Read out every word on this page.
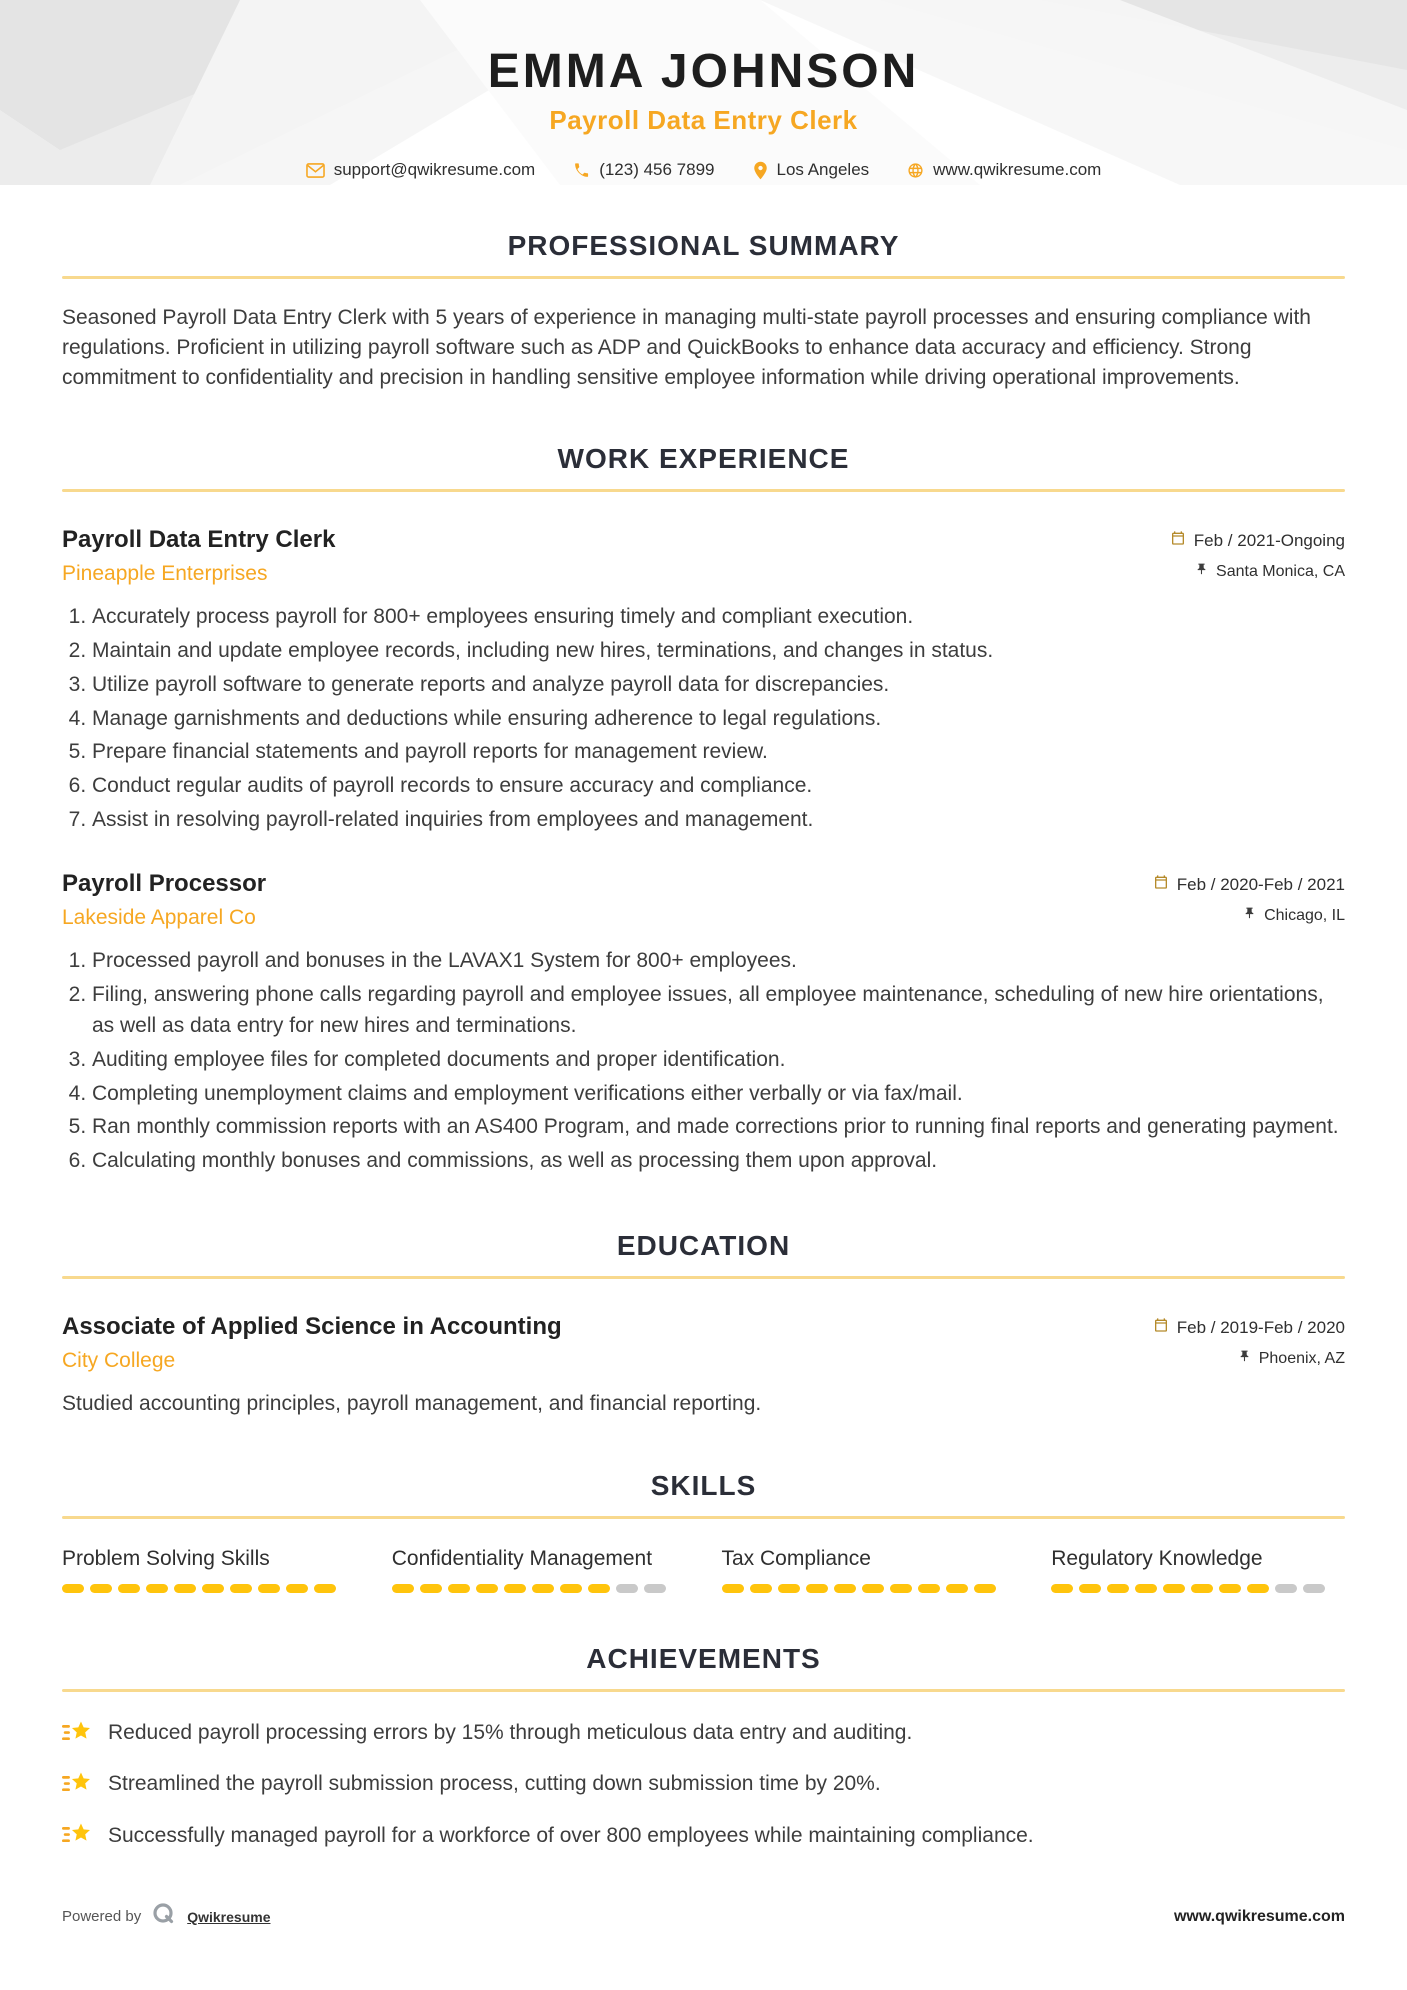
EMMA JOHNSON
Payroll Data Entry Clerk
support@qwikresume.com	(123) 456 7899	Los Angeles	www.qwikresume.com
PROFESSIONAL SUMMARY

Seasoned Payroll Data Entry Clerk with 5 years of experience in managing multi-state payroll processes and ensuring compliance with regulations. Proficient in utilizing payroll software such as ADP and QuickBooks to enhance data accuracy and efficiency. Strong commitment to confidentiality and precision in handling sensitive employee information while driving operational improvements.

WORK EXPERIENCE
Payroll Data Entry Clerk
Pineapple Enterprises
Feb / 2021-Ongoing
Santa Monica, CA
1. Accurately process payroll for 800+ employees ensuring timely and compliant execution.
2. Maintain and update employee records, including new hires, terminations, and changes in status.
3. Utilize payroll software to generate reports and analyze payroll data for discrepancies.
4. Manage garnishments and deductions while ensuring adherence to legal regulations.
5. Prepare financial statements and payroll reports for management review.
6. Conduct regular audits of payroll records to ensure accuracy and compliance.
7. Assist in resolving payroll-related inquiries from employees and management.
Payroll Processor
Lakeside Apparel Co
Feb / 2020-Feb / 2021
Chicago, IL
1. Processed payroll and bonuses in the LAVAX1 System for 800+ employees.
2. Filing, answering phone calls regarding payroll and employee issues, all employee maintenance, scheduling of new hire orientations, as well as data entry for new hires and terminations.
3. Auditing employee files for completed documents and proper identification.
4. Completing unemployment claims and employment verifications either verbally or via fax/mail.
5. Ran monthly commission reports with an AS400 Program, and made corrections prior to running final reports and generating payment.
6. Calculating monthly bonuses and commissions, as well as processing them upon approval.
EDUCATION
Associate of Applied Science in Accounting
City College
Feb / 2019-Feb / 2020
Phoenix, AZ

Studied accounting principles, payroll management, and financial reporting.

SKILLS
Problem Solving Skills	Confidentiality Management	Tax Compliance	Regulatory Knowledge
ACHIEVEMENTS
Reduced payroll processing errors by 15% through meticulous data entry and auditing.
Streamlined the payroll submission process, cutting down submission time by 20%.
Successfully managed payroll for a workforce of over 800 employees while maintaining compliance.
Powered by	Qwikresume	www.qwikresume.com
